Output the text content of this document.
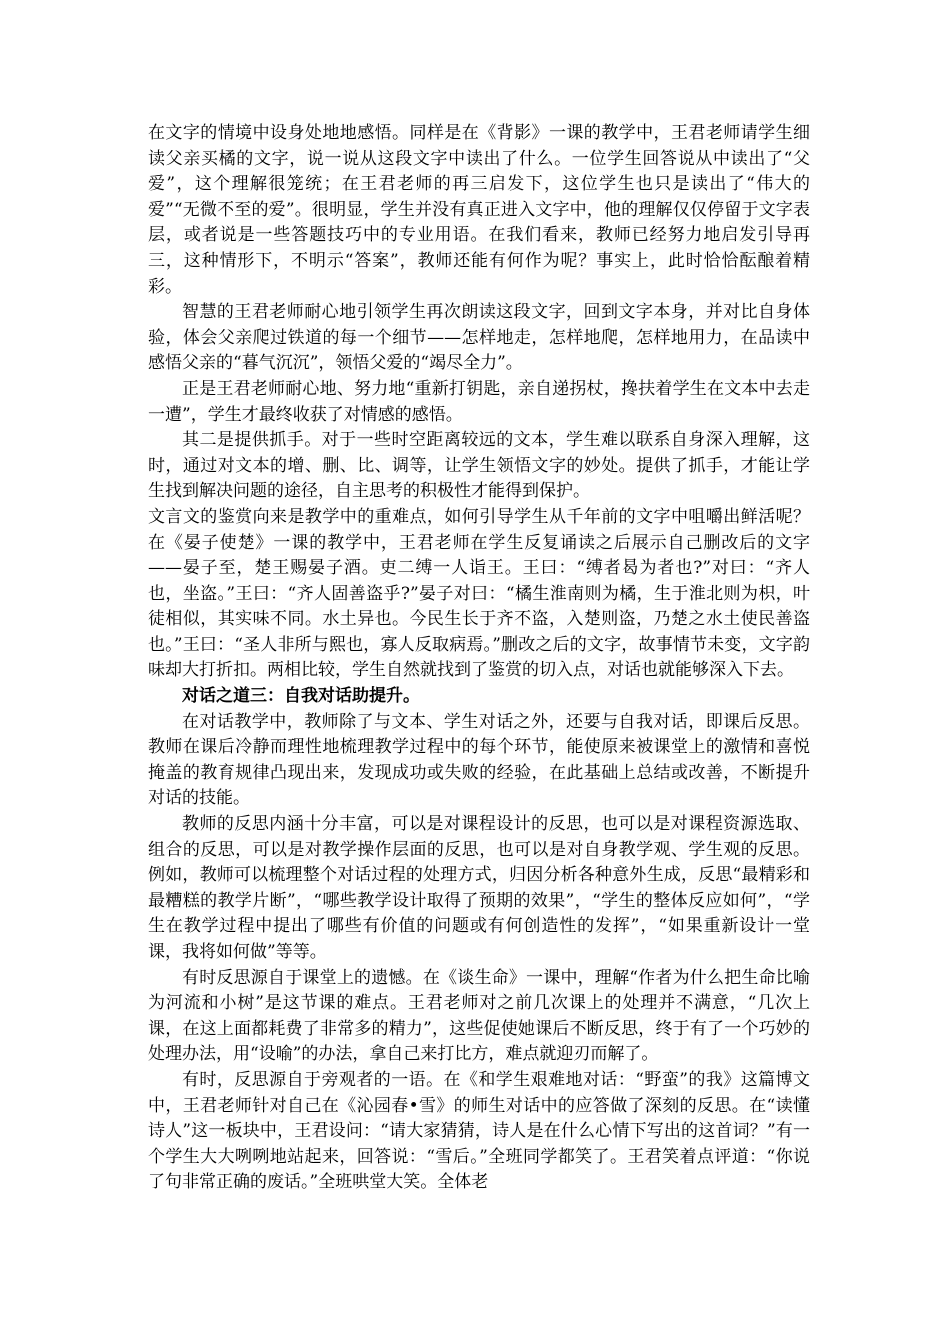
在文字的情境中设身处地地感悟。同样是在《背影》一课的教学中，王君老师请学生细读父亲买橘的文字，说一说从这段文字中读出了什么。一位学生回答说从中读出了“父爱”，这个理解很笼统；在王君老师的再三启发下，这位学生也只是读出了“伟大的爱”“无微不至的爱”。很明显，学生并没有真正进入文字中，他的理解仅仅停留于文字表层，或者说是一些答题技巧中的专业用语。在我们看来，教师已经努力地启发引导再三，这种情形下，不明示“答案”，教师还能有何作为呢？事实上，此时恰恰酝酿着精彩。

智慧的王君老师耐心地引领学生再次朗读这段文字，回到文字本身，并对比自身体验，体会父亲爬过铁道的每一个细节——怎样地走，怎样地爬，怎样地用力，在品读中感悟父亲的“暮气沉沉”，领悟父爱的“竭尽全力”。

正是王君老师耐心地、努力地“重新打钥匙，亲自递拐杖，搀扶着学生在文本中去走一遭”，学生才最终收获了对情感的感悟。

其二是提供抓手。对于一些时空距离较远的文本，学生难以联系自身深入理解，这时，通过对文本的增、删、比、调等，让学生领悟文字的妙处。提供了抓手，才能让学生找到解决问题的途径，自主思考的积极性才能得到保护。

文言文的鉴赏向来是教学中的重难点，如何引导学生从千年前的文字中咀嚼出鲜活呢？在《晏子使楚》一课的教学中，王君老师在学生反复诵读之后展示自己删改后的文字——晏子至，楚王赐晏子酒。吏二缚一人诣王。王曰：“缚者曷为者也?”对曰：“齐人也，坐盗。”王曰：“齐人固善盗乎?”晏子对曰：“橘生淮南则为橘，生于淮北则为枳，叶徒相似，其实味不同。水土异也。今民生长于齐不盗，入楚则盗，乃楚之水土使民善盗也。”王曰：“圣人非所与熙也，寡人反取病焉。”删改之后的文字，故事情节未变，文字韵味却大打折扣。两相比较，学生自然就找到了鉴赏的切入点，对话也就能够深入下去。

对话之道三：自我对话助提升。

在对话教学中，教师除了与文本、学生对话之外，还要与自我对话，即课后反思。教师在课后冷静而理性地梳理教学过程中的每个环节，能使原来被课堂上的激情和喜悦掩盖的教育规律凸现出来，发现成功或失败的经验，在此基础上总结或改善，不断提升对话的技能。

教师的反思内涵十分丰富，可以是对课程设计的反思，也可以是对课程资源选取、组合的反思，可以是对教学操作层面的反思，也可以是对自身教学观、学生观的反思。例如，教师可以梳理整个对话过程的处理方式，归因分析各种意外生成，反思“最精彩和最糟糕的教学片断”，“哪些教学设计取得了预期的效果”，“学生的整体反应如何”，“学生在教学过程中提出了哪些有价值的问题或有何创造性的发挥”，“如果重新设计一堂课，我将如何做”等等。

有时反思源自于课堂上的遗憾。在《谈生命》一课中，理解“作者为什么把生命比喻为河流和小树”是这节课的难点。王君老师对之前几次课上的处理并不满意，“几次上课，在这上面都耗费了非常多的精力”，这些促使她课后不断反思，终于有了一个巧妙的处理办法，用“设喻”的办法，拿自己来打比方，难点就迎刃而解了。

有时，反思源自于旁观者的一语。在《和学生艰难地对话：“野蛮”的我》这篇博文中，王君老师针对自己在《沁园春•雪》的师生对话中的应答做了深刻的反思。在“读懂诗人”这一板块中，王君设问：“请大家猜猜，诗人是在什么心情下写出的这首词？”有一个学生大大咧咧地站起来，回答说：“雪后。”全班同学都笑了。王君笑着点评道：“你说了句非常正确的废话。”全班哄堂大笑。全体老
